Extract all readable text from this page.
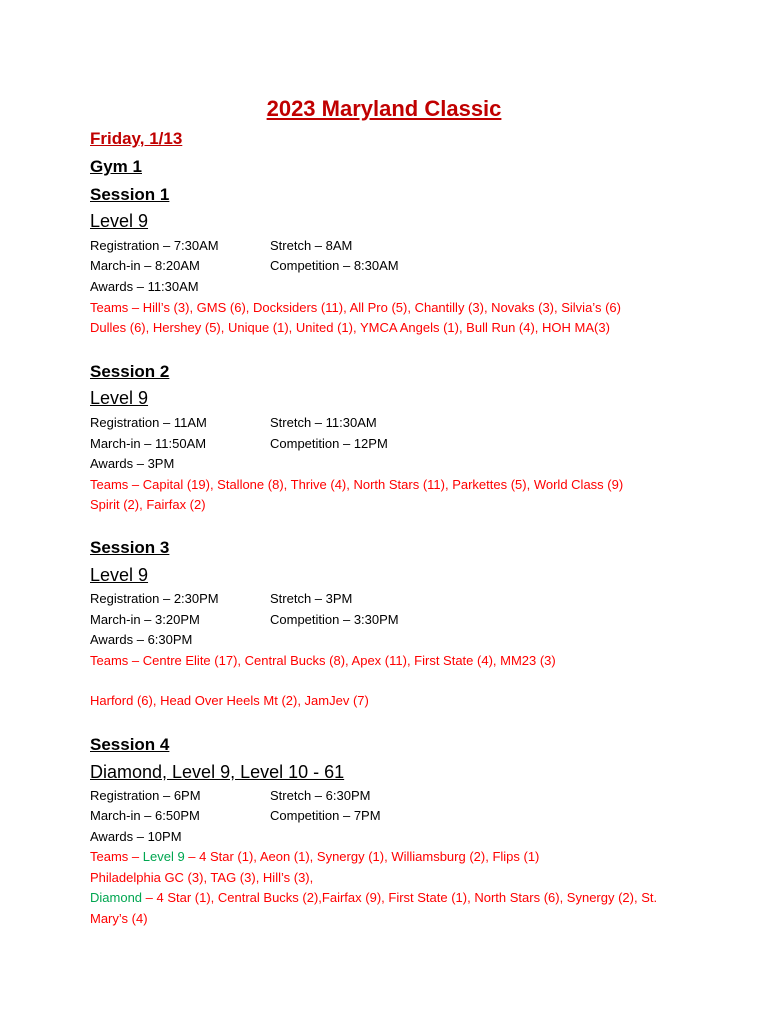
2023 Maryland Classic
Friday, 1/13
Gym 1
Session 1
Level 9
Registration – 7:30AM	Stretch – 8AM
March-in – 8:20AM	Competition – 8:30AM
Awards – 11:30AM
Teams – Hill’s (3), GMS (6), Docksiders (11), All Pro (5), Chantilly (3), Novaks (3), Silvia’s (6)
Dulles (6), Hershey (5), Unique (1), United (1), YMCA Angels (1), Bull Run (4), HOH MA(3)
Session 2
Level 9
Registration – 11AM	Stretch – 11:30AM
March-in – 11:50AM	Competition – 12PM
Awards – 3PM
Teams – Capital (19), Stallone (8), Thrive (4), North Stars (11), Parkettes (5), World Class (9)
Spirit (2), Fairfax (2)
Session 3
Level 9
Registration – 2:30PM	Stretch – 3PM
March-in – 3:20PM	Competition – 3:30PM
Awards – 6:30PM
Teams – Centre Elite (17), Central Bucks (8), Apex (11), First State (4), MM23 (3)
Harford (6), Head Over Heels Mt (2), JamJev (7)
Session 4
Diamond, Level 9, Level 10 - 61
Registration – 6PM	Stretch – 6:30PM
March-in – 6:50PM	Competition – 7PM
Awards – 10PM
Teams – Level 9 – 4 Star (1), Aeon (1), Synergy (1), Williamsburg (2), Flips (1)
Philadelphia GC (3), TAG (3), Hill’s (3),
Diamond – 4 Star (1), Central Bucks (2),Fairfax (9), First State (1), North Stars (6), Synergy (2), St.
Mary’s (4)
